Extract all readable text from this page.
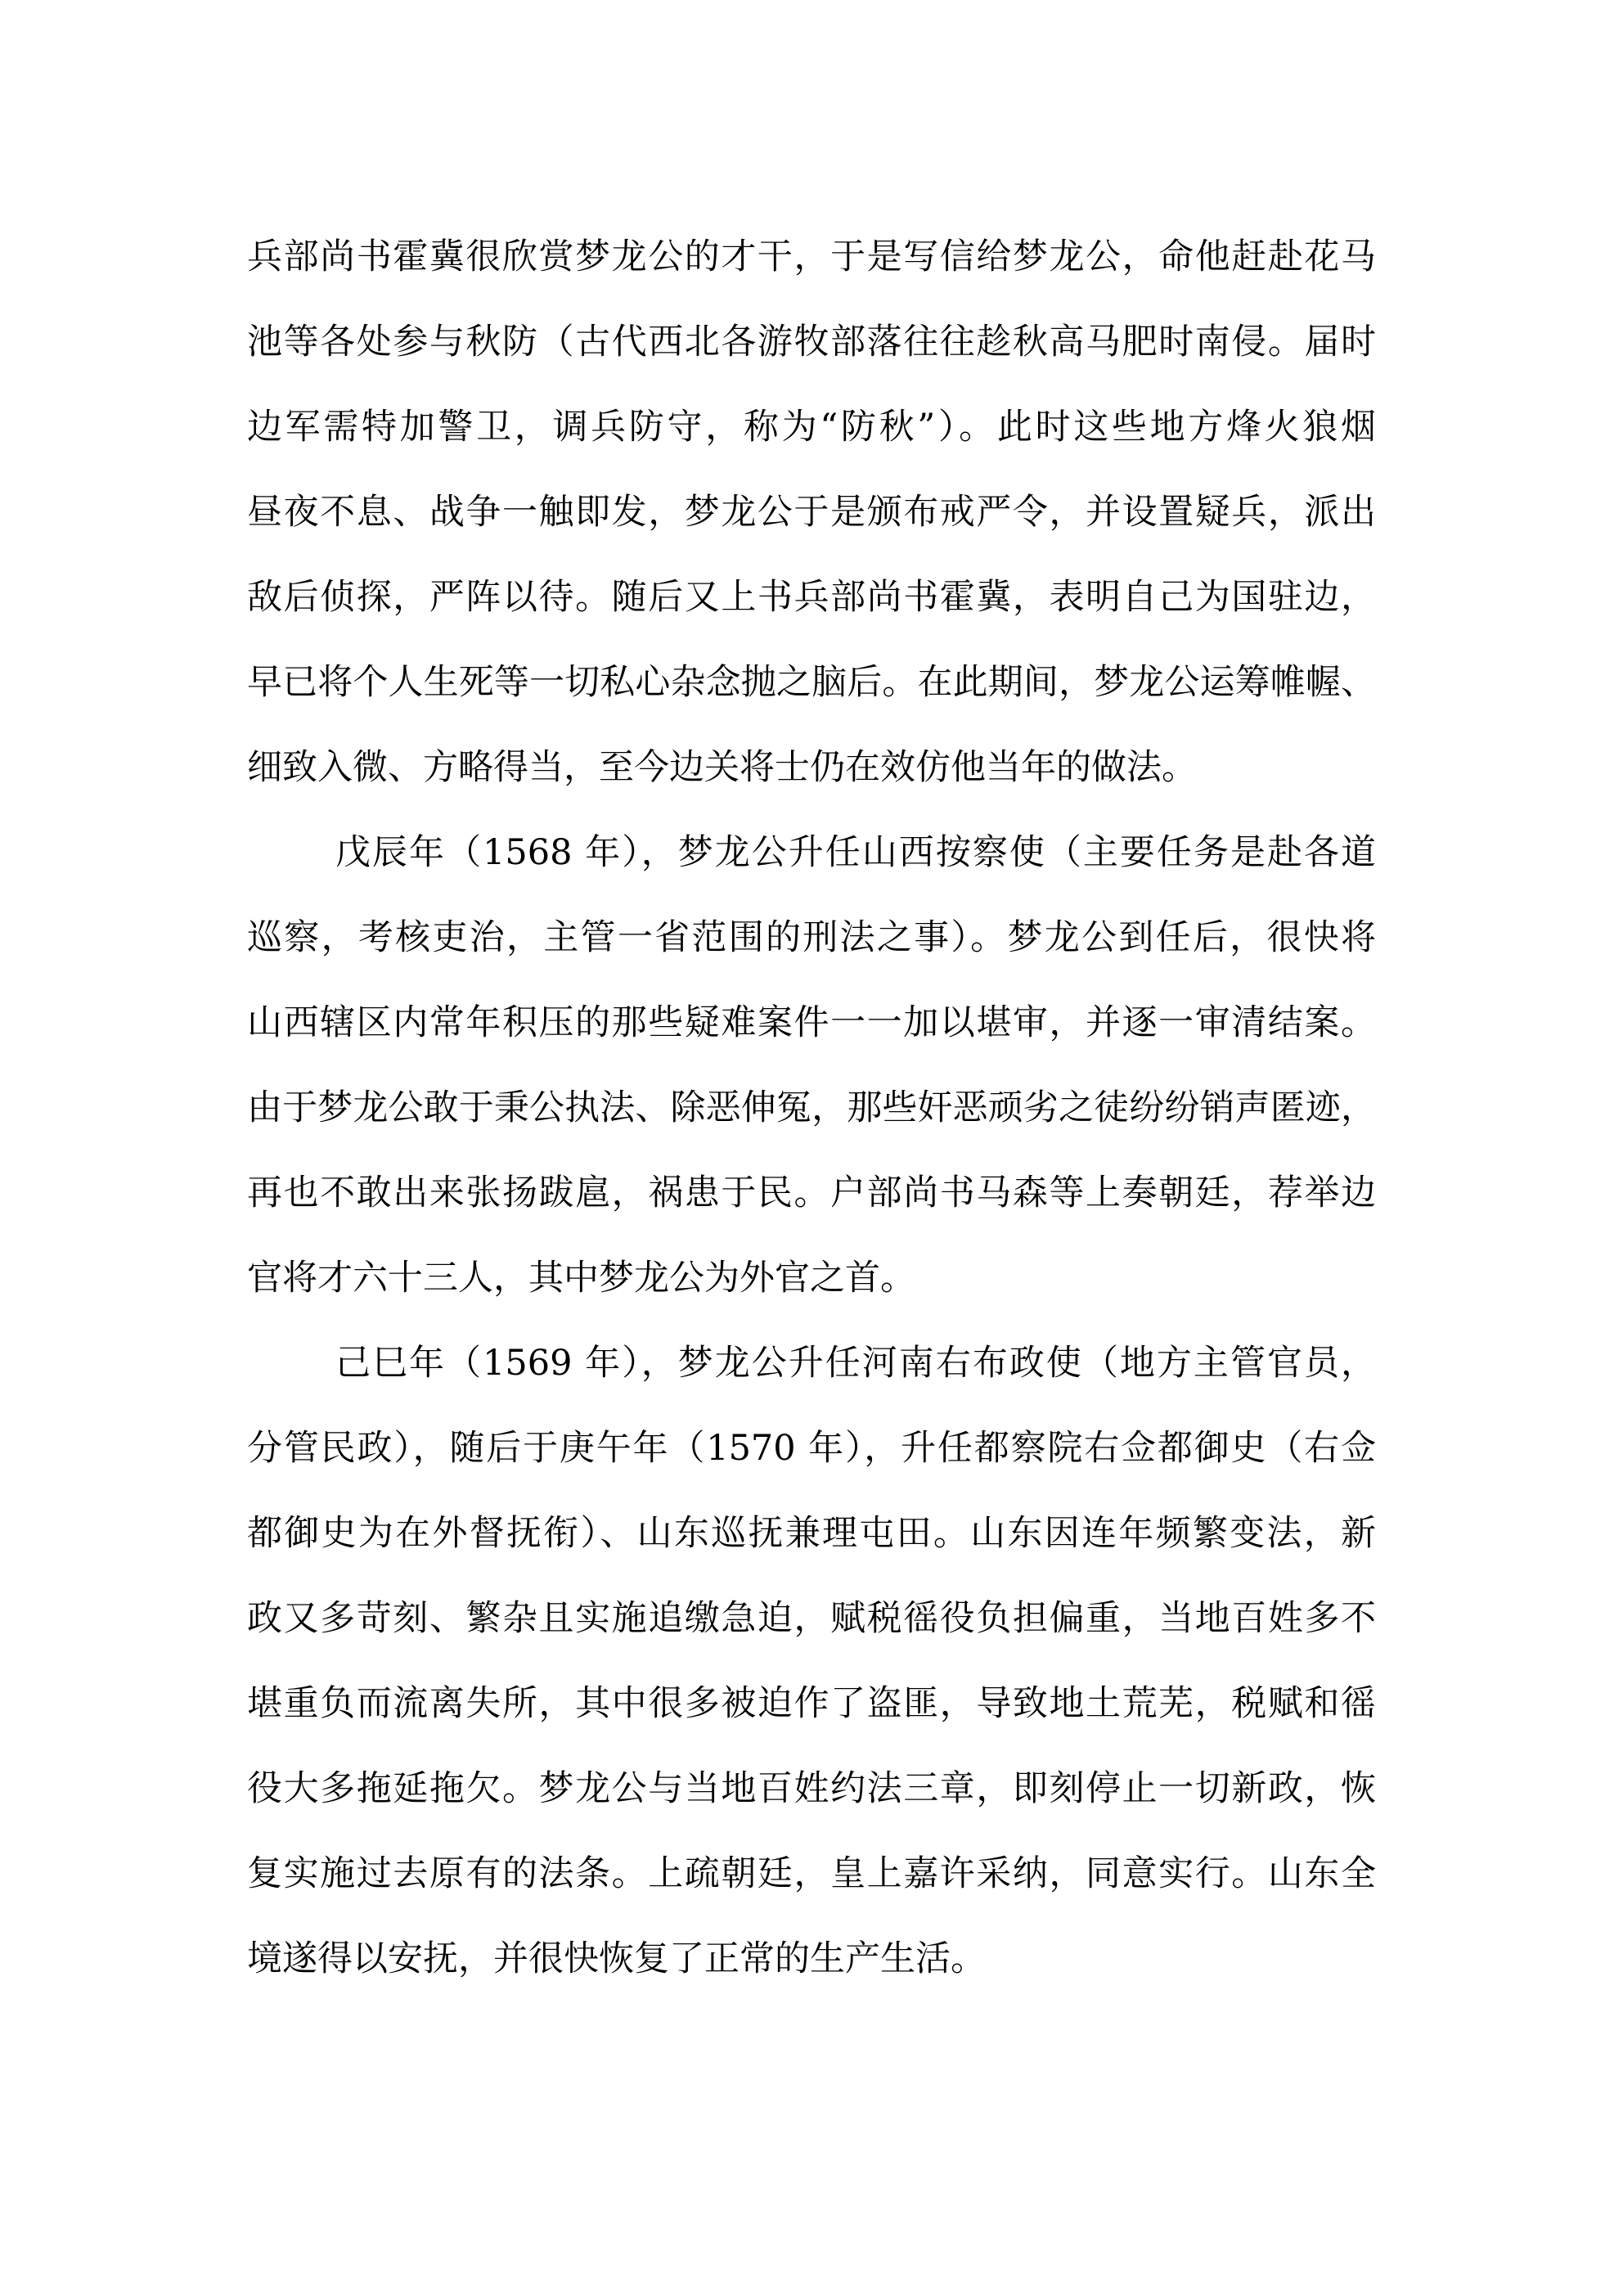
兵部尚书霍冀很欣赏梦龙公的才干，于是写信给梦龙公，命他赶赴花马
池等各处参与秋防（古代西北各游牧部落往往趁秋高马肥时南侵。届时
边军需特加警卫，调兵防守，称为“防秋”）。此时这些地方烽火狼烟
昼夜不息、战争一触即发，梦龙公于是颁布戒严令，并设置疑兵，派出
敌后侦探，严阵以待。随后又上书兵部尚书霍冀，表明自己为国驻边，
早已将个人生死等一切私心杂念抛之脑后。在此期间，梦龙公运筹帷幄、
细致入微、方略得当，至今边关将士仍在效仿他当年的做法。
戊辰年（1568 年），梦龙公升任山西按察使（主要任务是赴各道
巡察，考核吏治，主管一省范围的刑法之事）。梦龙公到任后，很快将
山西辖区内常年积压的那些疑难案件一一加以堪审，并逐一审清结案。
由于梦龙公敢于秉公执法、除恶伸冤，那些奸恶顽劣之徒纷纷销声匿迹，
再也不敢出来张扬跋扈，祸患于民。户部尚书马森等上奏朝廷，荐举边
官将才六十三人，其中梦龙公为外官之首。
己巳年（1569 年），梦龙公升任河南右布政使（地方主管官员，
分管民政），随后于庚午年（1570 年），升任都察院右佥都御史（右佥
都御史为在外督抚衔）、山东巡抚兼理屯田。山东因连年频繁变法，新
政又多苛刻、繁杂且实施追缴急迫，赋税徭役负担偏重，当地百姓多不
堪重负而流离失所，其中很多被迫作了盗匪，导致地土荒芜，税赋和徭
役大多拖延拖欠。梦龙公与当地百姓约法三章，即刻停止一切新政，恢
复实施过去原有的法条。上疏朝廷，皇上嘉许采纳，同意实行。山东全
境遂得以安抚，并很快恢复了正常的生产生活。
